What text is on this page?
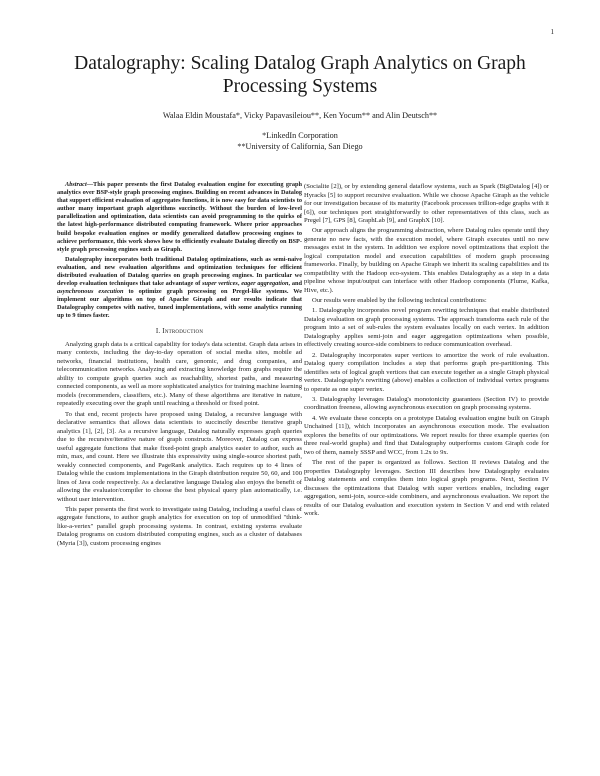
1
Datalography: Scaling Datalog Graph Analytics on Graph Processing Systems
Walaa Eldin Moustafa*, Vicky Papavasileiou**, Ken Yocum** and Alin Deutsch**
*LinkedIn Corporation
**University of California, San Diego

Abstract—This paper presents the first Datalog evaluation engine for executing graph analytics over BSP-style graph processing engines. Building on recent advances in Datalog that support efficient evaluation of aggregates functions, it is now easy for data scientists to author many important graph algorithms succinctly. Without the burden of low-level parallelization and optimization, data scientists can avoid programming to the quirks of the latest high-performance distributed computing framework. Where prior approaches build bespoke evaluation engines or modify generalized dataflow processing engines to achieve performance, this work shows how to efficiently evaluate Datalog directly on BSP-style graph processing engines such as Giraph.

Datalography incorporates both traditional Datalog optimizations, such as semi-naive evaluation, and new evaluation algorithms and optimization techniques for efficient distributed evaluation of Datalog queries on graph processing engines. In particular we develop evaluation techniques that take advantage of super vertices, eager aggregation, and asynchronous execution to optimize graph processing on Pregel-like systems. We implement our algorithms on top of Apache Giraph and our results indicate that Datalography competes with native, tuned implementations, with some analytics running up to 9 times faster.

I. Introduction

Analyzing graph data is a critical capability for today's data scientist. Graph data arises in many contexts, including the day-to-day operation of social media sites, mobile ad networks, financial institutions, health care, genomic, and drug companies, and telecommunication networks. Analyzing and extracting knowledge from graphs require the ability to compute graph queries such as reachability, shortest paths, and measuring connected components, as well as more sophisticated analytics for training machine learning models (recommenders, classifiers, etc.). Many of these algorithms are iterative in nature, repeatedly executing over the graph until reaching a threshold or fixed point.

To that end, recent projects have proposed using Datalog, a recursive language with declarative semantics that allows data scientists to succinctly describe iterative graph analytics [1], [2], [3]. As a recursive language, Datalog naturally expresses graph queries due to the recursive/iterative nature of graph constructs. Moreover, Datalog can express useful aggregate functions that make fixed-point graph analytics easier to author, such as min, max, and count. Here we illustrate this expressivity using single-source shortest path, weakly connected components, and PageRank analytics. Each requires up to 4 lines of Datalog while the custom implementations in the Giraph distribution require 50, 60, and 100 lines of Java code respectively. As a declarative language Datalog also enjoys the benefit of allowing the evaluator/compiler to choose the best physical query plan automatically, i.e. without user intervention.

This paper presents the first work to investigate using Datalog, including a useful class of aggregate functions, to author graph analytics for execution on top of unmodified "think-like-a-vertex" parallel graph processing systems. In contrast, existing systems evaluate Datalog programs on custom distributed computing engines, such as a cluster of databases (Myria [3]), custom processing engines

(Socialite [2]), or by extending general dataflow systems, such as Spark (BigDatalog [4]) or Hyracks [5] to support recursive evaluation. While we choose Apache Giraph as the vehicle for our investigation because of its maturity (Facebook processes trillion-edge graphs with it [6]), our techniques port straightforwardly to other representatives of this class, such as Pregel [7], GPS [8], GraphLab [9], and GraphX [10].

Our approach aligns the programming abstraction, where Datalog rules operate until they generate no new facts, with the execution model, where Giraph executes until no new messages exist in the system. In addition we explore novel optimizations that exploit the logical computation model and execution capabilities of modern graph processing frameworks. Finally, by building on Apache Giraph we inherit its scaling capabilities and its compatibility with the Hadoop eco-system. This enables Datalography as a step in a data pipeline whose input/output can interface with other Hadoop components (Flume, Kafka, Hive, etc.).

Our results were enabled by the following technical contributions:

1. Datalography incorporates novel program rewriting techniques that enable distributed Datalog evaluation on graph processing systems. The approach transforms each rule of the program into a set of sub-rules the system evaluates locally on each vertex. In addition Datalography applies semi-join and eager aggregation optimizations when possible, effectively creating source-side combiners to reduce communication overhead.

2. Datalography incorporates super vertices to amortize the work of rule evaluation. Datalog query compilation includes a step that performs graph pre-partitioning. This identifies sets of logical graph vertices that can execute together as a single Giraph physical vertex. Datalography's rewriting (above) enables a collection of individual vertex programs to operate as one super vertex.

3. Datalography leverages Datalog's monotonicity guarantees (Section IV) to provide coordination freeness, allowing asynchronous execution on graph processing systems.

4. We evaluate these concepts on a prototype Datalog evaluation engine built on Giraph Unchained [11]), which incorporates an asynchronous execution mode. The evaluation explores the benefits of our optimizations. We report results for three example queries (on three real-world graphs) and find that Datalography outperforms custom Giraph code for two of them, namely SSSP and WCC, from 1.2x to 9x.

The rest of the paper is organized as follows. Section II reviews Datalog and the properties Datalography leverages. Section III describes how Datalography evaluates Datalog statements and compiles them into logical graph programs. Next, Section IV discusses the optimizations that Datalog with super vertices enables, including eager aggregation, semi-join, source-side combiners, and asynchronous evaluation. We report the results of our Datalog evaluation and execution system in Section V and end with related work.
